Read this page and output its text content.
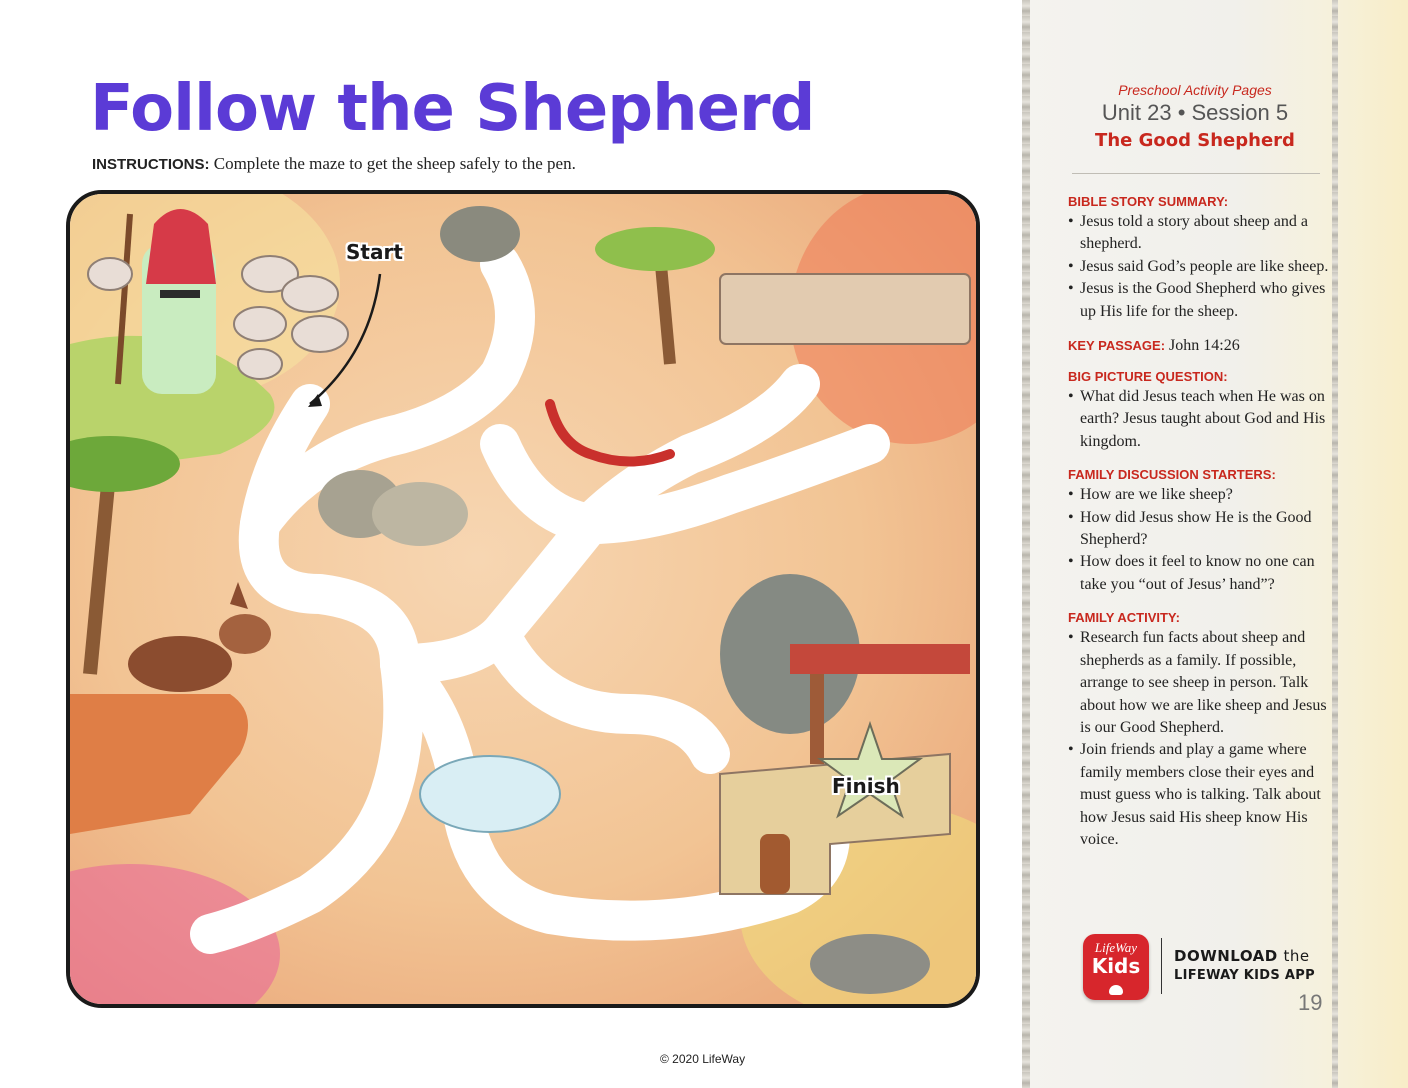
Follow the Shepherd
INSTRUCTIONS: Complete the maze to get the sheep safely to the pen.
Start
Finish
© 2020 LifeWay
Preschool Activity Pages
Unit 23 • Session 5
The Good Shepherd
BIBLE STORY SUMMARY:
• Jesus told a story about sheep and a shepherd.
• Jesus said God’s people are like sheep.
• Jesus is the Good Shepherd who gives up His life for the sheep.
KEY PASSAGE: John 14:26
BIG PICTURE QUESTION:
• What did Jesus teach when He was on earth? Jesus taught about God and His kingdom.
FAMILY DISCUSSION STARTERS:
• How are we like sheep?
• How did Jesus show He is the Good Shepherd?
• How does it feel to know no one can take you “out of Jesus’ hand”?
FAMILY ACTIVITY:
• Research fun facts about sheep and shepherds as a family. If possible, arrange to see sheep in person. Talk about how we are like sheep and Jesus is our Good Shepherd.
• Join friends and play a game where family members close their eyes and must guess who is talking. Talk about how Jesus said His sheep know His voice.
LifeWay
Kids	DOWNLOAD the
LIFEWAY KIDS APP
19
